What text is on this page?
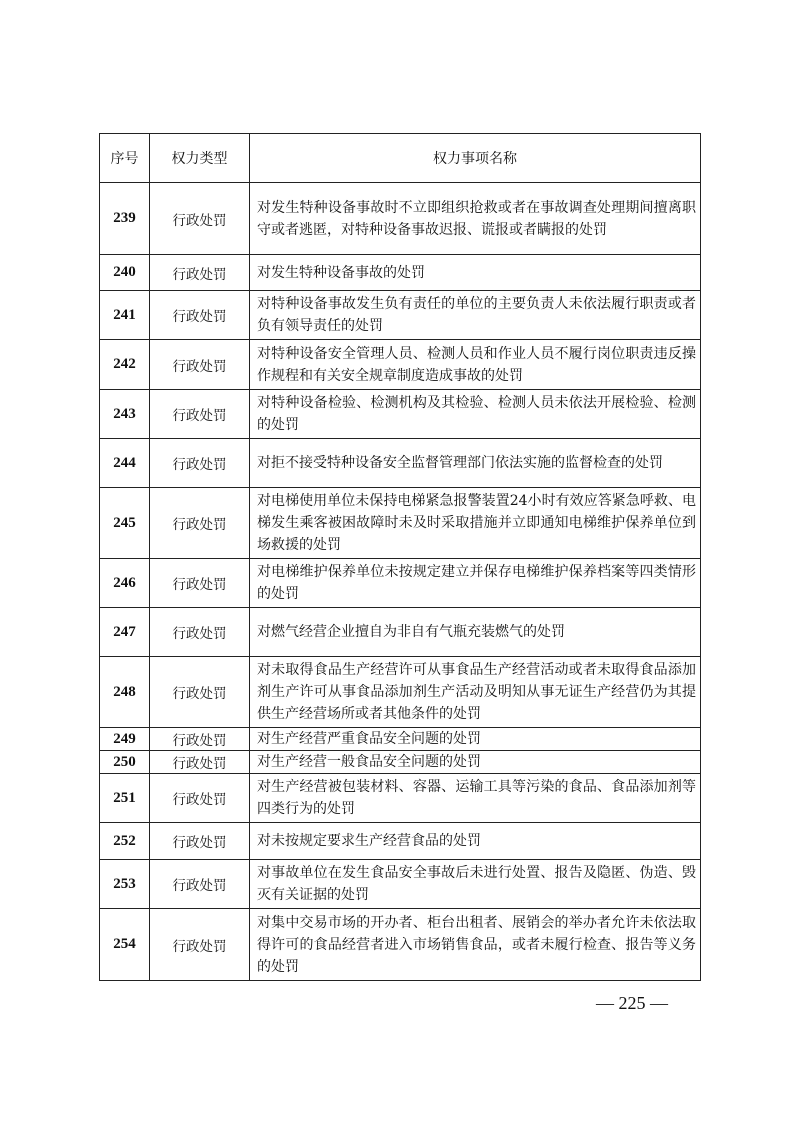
序号	权力类型	权力事项名称
239	行政处罚	对发生特种设备事故时不立即组织抢救或者在事故调查处理期间擅离职守或者逃匿，对特种设备事故迟报、谎报或者瞒报的处罚
240	行政处罚	对发生特种设备事故的处罚
241	行政处罚	对特种设备事故发生负有责任的单位的主要负责人未依法履行职责或者负有领导责任的处罚
242	行政处罚	对特种设备安全管理人员、检测人员和作业人员不履行岗位职责违反操作规程和有关安全规章制度造成事故的处罚
243	行政处罚	对特种设备检验、检测机构及其检验、检测人员未依法开展检验、检测的处罚
244	行政处罚	对拒不接受特种设备安全监督管理部门依法实施的监督检查的处罚
245	行政处罚	对电梯使用单位未保持电梯紧急报警装置24小时有效应答紧急呼救、电梯发生乘客被困故障时未及时采取措施并立即通知电梯维护保养单位到场救援的处罚
246	行政处罚	对电梯维护保养单位未按规定建立并保存电梯维护保养档案等四类情形的处罚
247	行政处罚	对燃气经营企业擅自为非自有气瓶充装燃气的处罚
248	行政处罚	对未取得食品生产经营许可从事食品生产经营活动或者未取得食品添加剂生产许可从事食品添加剂生产活动及明知从事无证生产经营仍为其提供生产经营场所或者其他条件的处罚
249	行政处罚	对生产经营严重食品安全问题的处罚
250	行政处罚	对生产经营一般食品安全问题的处罚
251	行政处罚	对生产经营被包装材料、容器、运输工具等污染的食品、食品添加剂等四类行为的处罚
252	行政处罚	对未按规定要求生产经营食品的处罚
253	行政处罚	对事故单位在发生食品安全事故后未进行处置、报告及隐匿、伪造、毁灭有关证据的处罚
254	行政处罚	对集中交易市场的开办者、柜台出租者、展销会的举办者允许未依法取得许可的食品经营者进入市场销售食品，或者未履行检查、报告等义务的处罚
— 225 —
